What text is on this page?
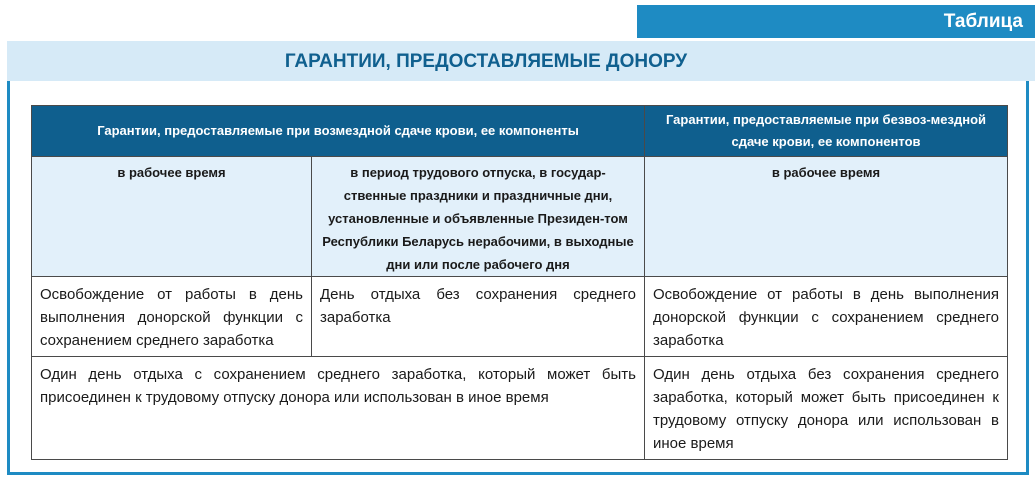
Таблица
ГАРАНТИИ, ПРЕДОСТАВЛЯЕМЫЕ ДОНОРУ
Гарантии, предоставляемые при возмездной сдаче крови, ее компоненты		Гарантии, предоставляемые при безвоз-мездной сдаче крови, ее компонентов
в рабочее время	в период трудового отпуска, в государ-ственные праздники и праздничные дни, установленные и объявленные Президен-том Республики Беларусь нерабочими, в выходные дни или после рабочего дня	в рабочее время
Освобождение от работы в день выполнения донорской функции с сохранением среднего заработка	День отдыха без сохранения среднего заработка	Освобождение от работы в день выполнения донорской функции с сохранением среднего заработка
Один день отдыха с сохранением среднего заработка, который может быть присоединен к трудовому отпуску донора или использован в иное время		Один день отдыха без сохранения среднего заработка, который может быть присоединен к трудовому отпуску донора или использован в иное время
